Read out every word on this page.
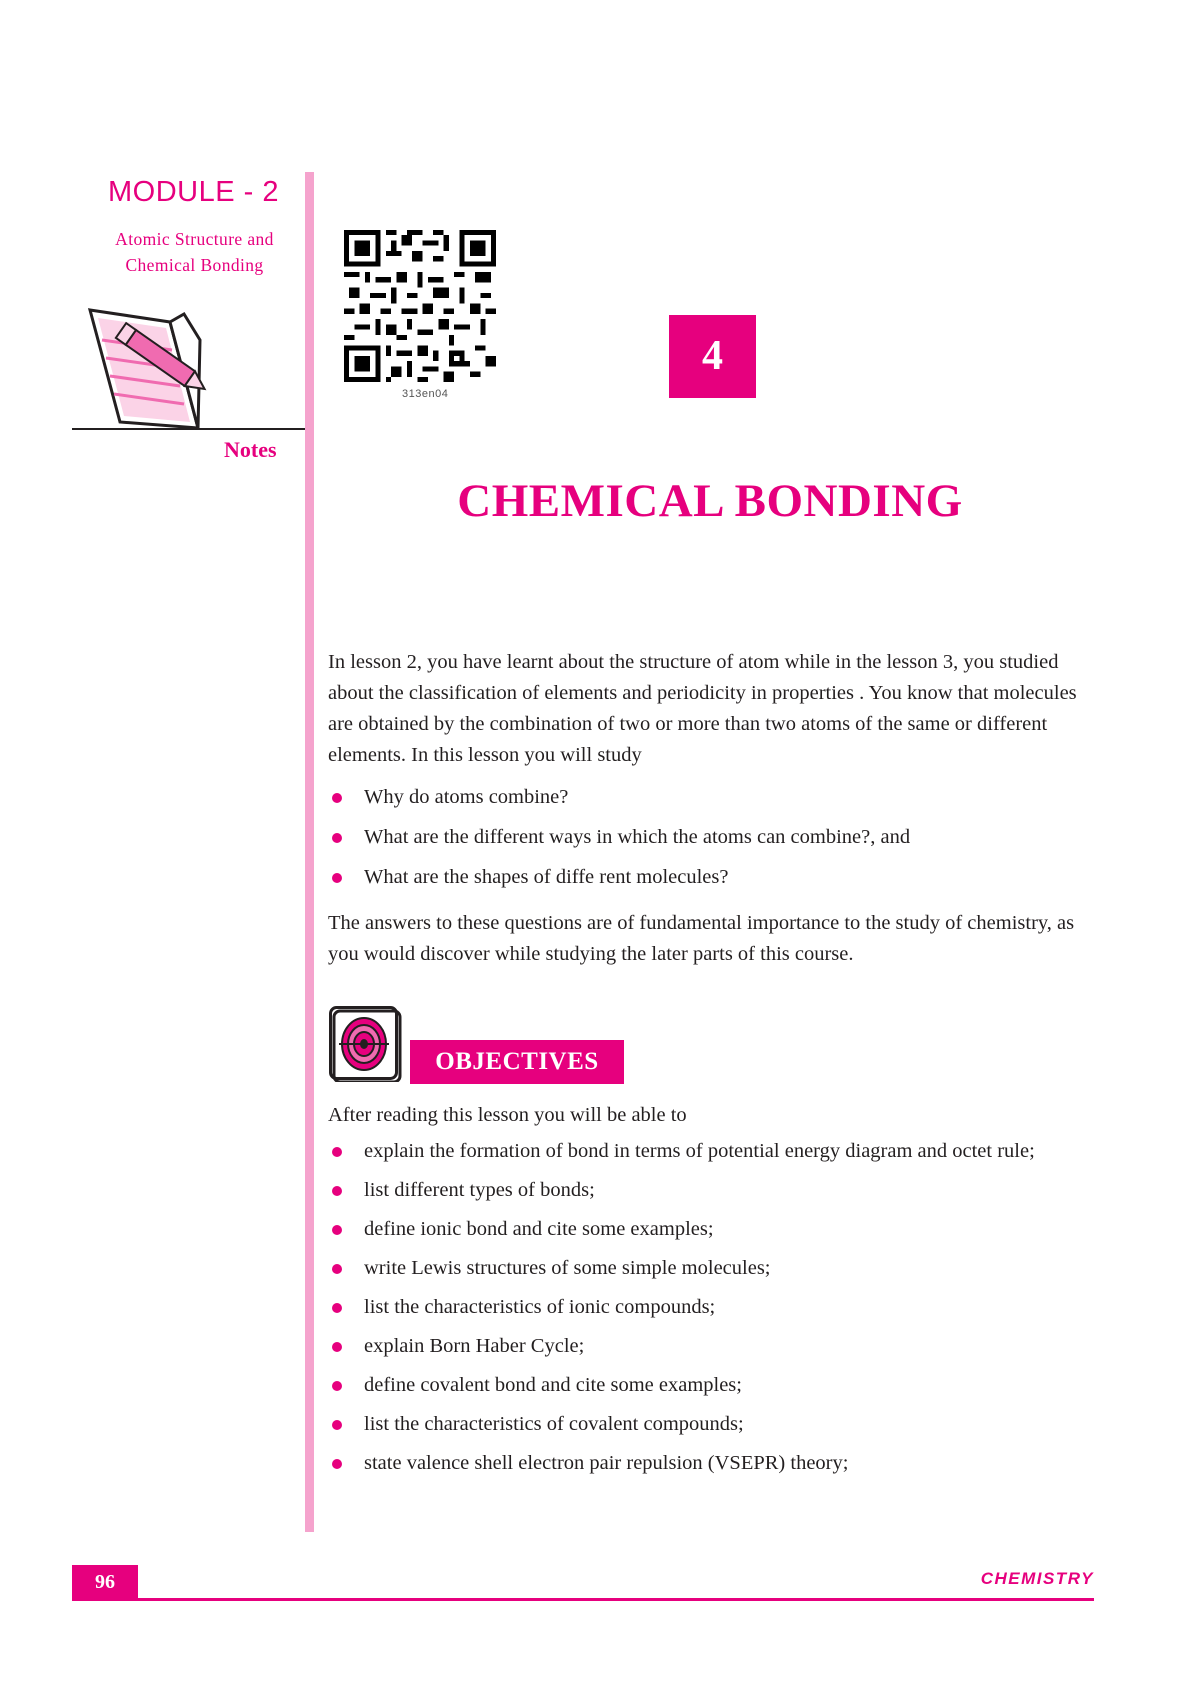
MODULE - 2
Atomic Structure and
Chemical Bonding
Notes
313en04
4
CHEMICAL BONDING
In lesson 2, you have learnt about the structure of atom while in the lesson 3, you studied about the classification of elements and periodicity in properties . You know that molecules are obtained by the combination of two or more than two atoms of the same or different elements. In this lesson you will study
Why do atoms combine?
What are the different ways in which the atoms can combine?, and
What are the shapes of diffe rent molecules?
The answers to these questions are of fundamental importance to the study of chemistry, as you would discover while studying the later parts of this course.
OBJECTIVES
After reading this lesson you will be able to
explain the formation of bond in terms of potential energy diagram and octet rule;
list different types of bonds;
define ionic bond and cite some examples;
write Lewis structures of some simple molecules;
list the characteristics of ionic compounds;
explain Born Haber Cycle;
define covalent bond and cite some examples;
list the characteristics of covalent compounds;
state valence shell electron pair repulsion (VSEPR) theory;
96	CHEMISTRY
